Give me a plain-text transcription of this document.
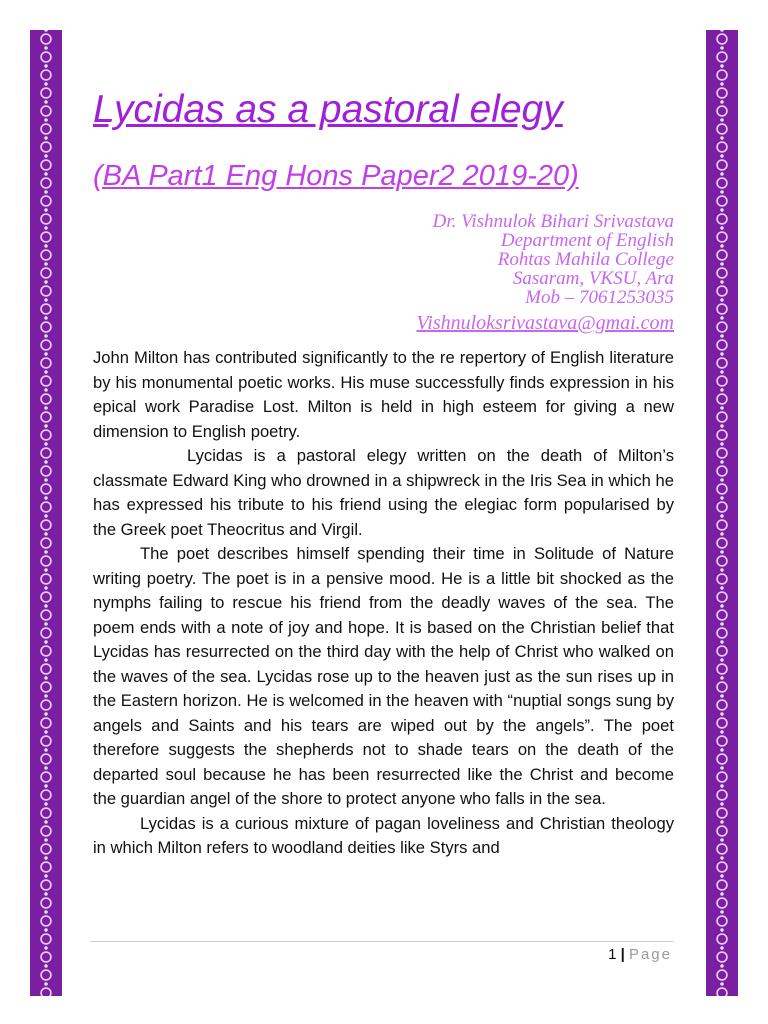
Lycidas as a pastoral elegy
(BA Part1 Eng Hons Paper2 2019-20)
Dr. Vishnulok Bihari Srivastava
Department of English
Rohtas Mahila College
Sasaram, VKSU, Ara
Mob – 7061253035
Vishnuloksrivastava@gmai.com

John Milton has contributed significantly to the re repertory of English literature by his monumental poetic works. His muse successfully finds expression in his epical work Paradise Lost. Milton is held in high esteem for giving a new dimension to English poetry.

Lycidas is a pastoral elegy written on the death of Milton’s classmate Edward King who drowned in a shipwreck in the Iris Sea in which he has expressed his tribute to his friend using the elegiac form popularised by the Greek poet Theocritus and Virgil.

The poet describes himself spending their time in Solitude of Nature writing poetry. The poet is in a pensive mood. He is a little bit shocked as the nymphs failing to rescue his friend from the deadly waves of the sea. The poem ends with a note of joy and hope. It is based on the Christian belief that Lycidas has resurrected on the third day with the help of Christ who walked on the waves of the sea. Lycidas rose up to the heaven just as the sun rises up in the Eastern horizon. He is welcomed in the heaven with “nuptial songs sung by angels and Saints and his tears are wiped out by the angels”. The poet therefore suggests the shepherds not to shade tears on the death of the departed soul because he has been resurrected like the Christ and become the guardian angel of the shore to protect anyone who falls in the sea.

Lycidas is a curious mixture of pagan loveliness and Christian theology in which Milton refers to woodland deities like Styrs and

1 | Page
